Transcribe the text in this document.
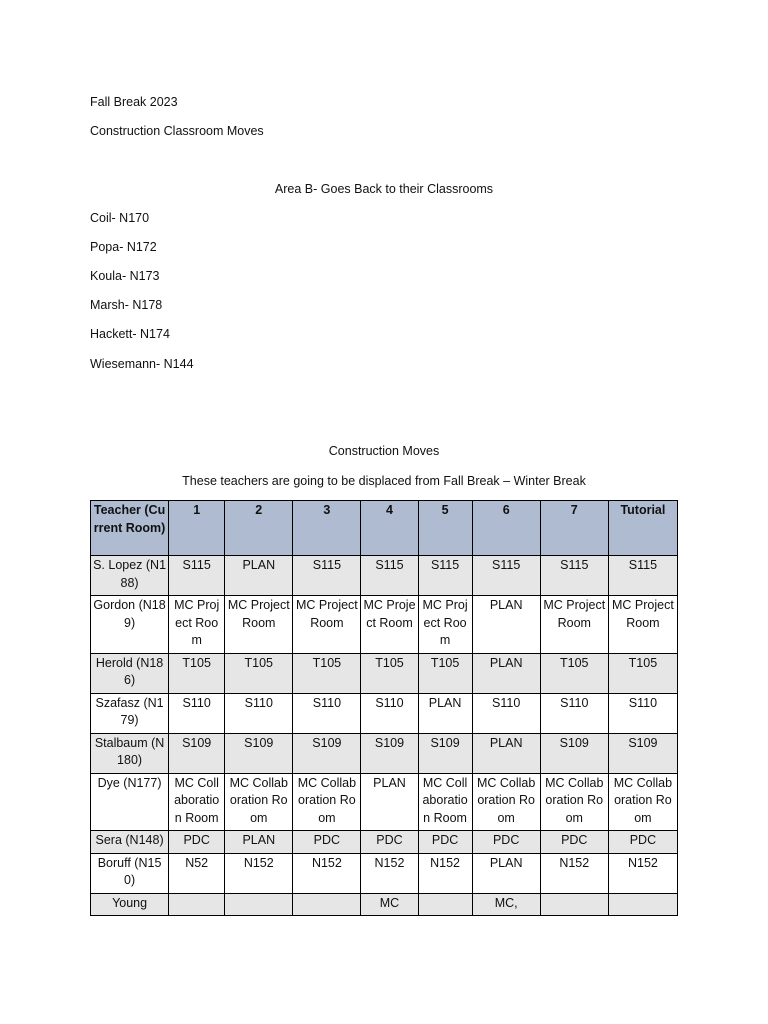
Fall Break 2023
Construction Classroom Moves
Area B- Goes Back to their Classrooms
Coil- N170
Popa- N172
Koula- N173
Marsh- N178
Hackett- N174
Wiesemann- N144
Construction Moves
These teachers are going to be displaced from Fall Break – Winter Break
Teacher (Current Room)	1	2	3	4	5	6	7	Tutorial
S. Lopez (N188)	S115	PLAN	S115	S115	S115	S115	S115	S115
Gordon (N189)	MC Project Room	MC Project Room	MC Project Room	MC Project Room	MC Project Room	PLAN	MC Project Room	MC Project Room
Herold (N186)	T105	T105	T105	T105	T105	PLAN	T105	T105
Szafasz (N179)	S110	S110	S110	S110	PLAN	S110	S110	S110
Stalbaum (N180)	S109	S109	S109	S109	S109	PLAN	S109	S109
Dye (N177)	MC Collaboration Room	MC Collaboration Room	MC Collaboration Room	PLAN	MC Collaboration Room	MC Collaboration Room	MC Collaboration Room	MC Collaboration Room
Sera (N148)	PDC	PLAN	PDC	PDC	PDC	PDC	PDC	PDC
Boruff (N150)	N52	N152	N152	N152	N152	PLAN	N152	N152
Young				MC		MC,		
